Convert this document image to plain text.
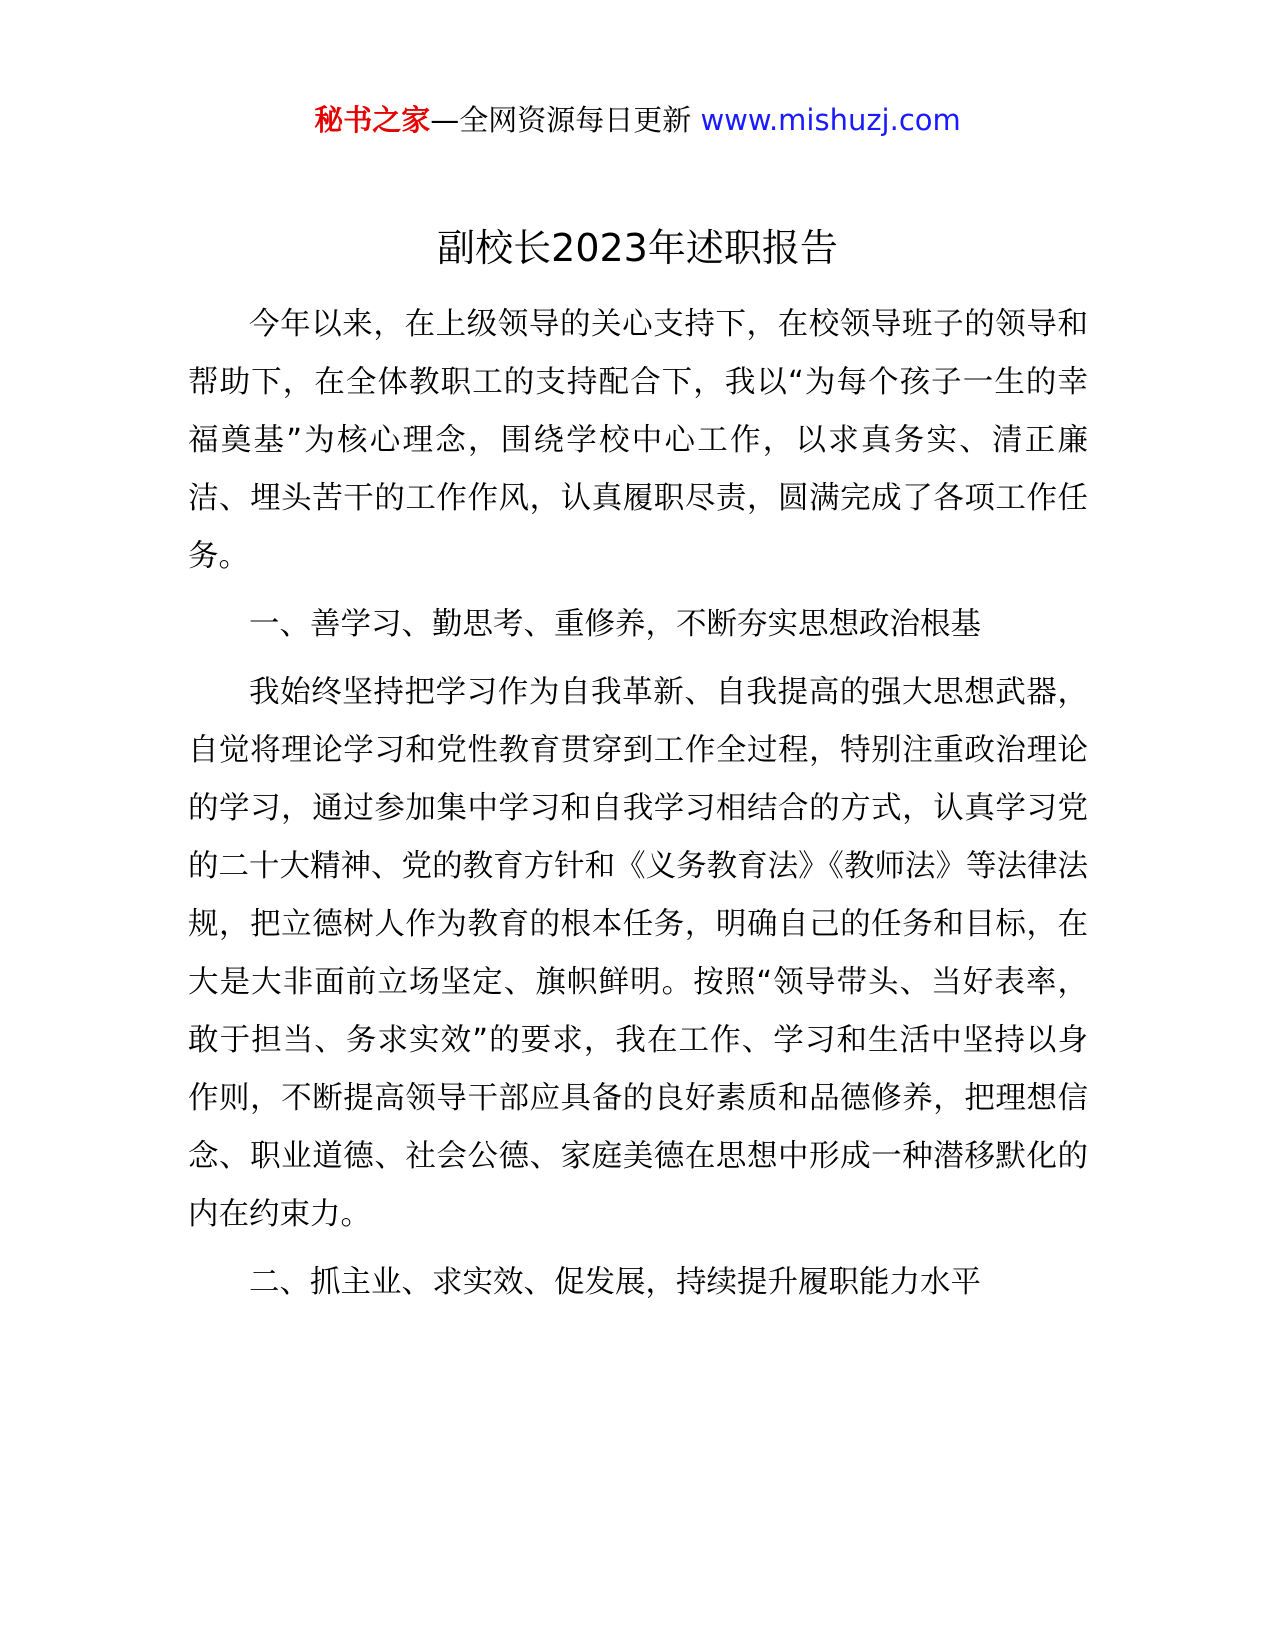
秘书之家—全网资源每日更新 www.mishuzj.com
副校长2023年述职报告

今年以来，在上级领导的关心支持下，在校领导班子的领导和帮助下，在全体教职工的支持配合下，我以“为每个孩子一生的幸福奠基”为核心理念，围绕学校中心工作，以求真务实、清正廉洁、埋头苦干的工作作风，认真履职尽责，圆满完成了各项工作任务。

一、善学习、勤思考、重修养，不断夯实思想政治根基

我始终坚持把学习作为自我革新、自我提高的强大思想武器，自觉将理论学习和党性教育贯穿到工作全过程，特别注重政治理论的学习，通过参加集中学习和自我学习相结合的方式，认真学习党的二十大精神、党的教育方针和《义务教育法》《教师法》等法律法规，把立德树人作为教育的根本任务，明确自己的任务和目标，在大是大非面前立场坚定、旗帜鲜明。按照“领导带头、当好表率，敢于担当、务求实效”的要求，我在工作、学习和生活中坚持以身作则，不断提高领导干部应具备的良好素质和品德修养，把理想信念、职业道德、社会公德、家庭美德在思想中形成一种潜移默化的内在约束力。

二、抓主业、求实效、促发展，持续提升履职能力水平
